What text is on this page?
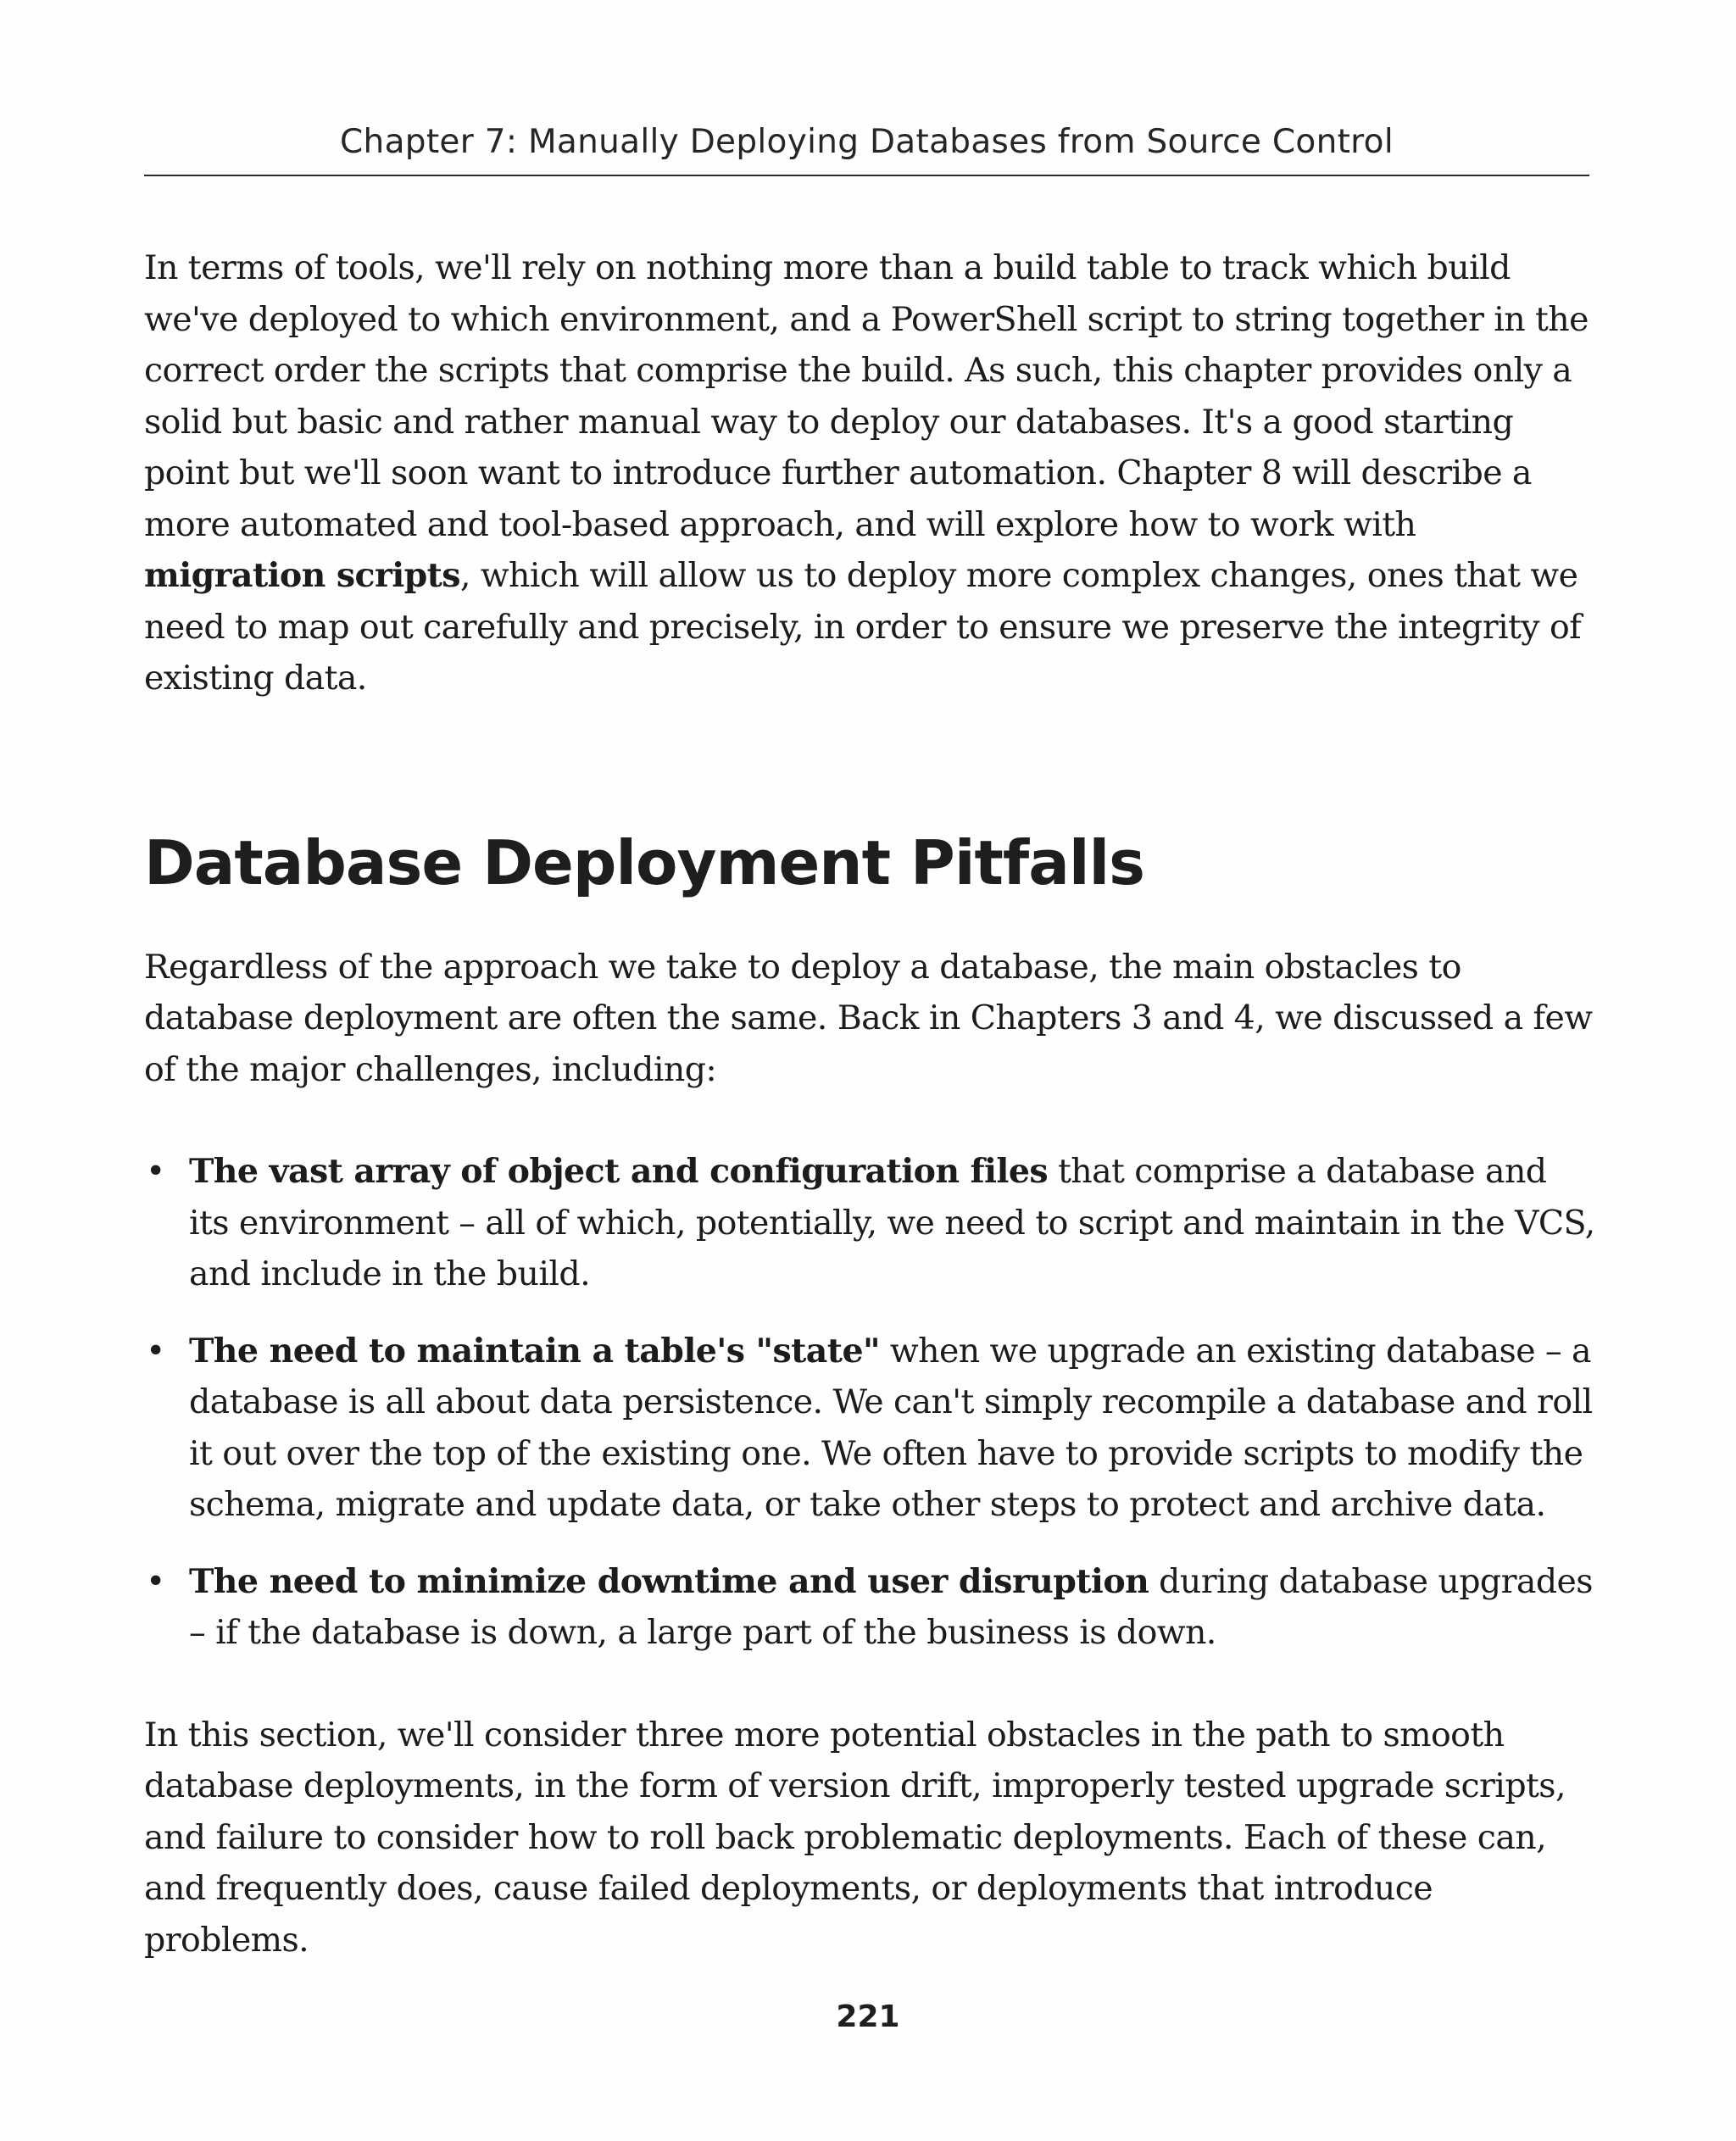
Chapter 7: Manually Deploying Databases from Source Control

In terms of tools, we'll rely on nothing more than a build table to track which build we've deployed to which environment, and a PowerShell script to string together in the correct order the scripts that comprise the build. As such, this chapter provides only a solid but basic and rather manual way to deploy our databases. It's a good starting point but we'll soon want to introduce further automation. Chapter 8 will describe a more automated and tool-based approach, and will explore how to work with migration scripts, which will allow us to deploy more complex changes, ones that we need to map out carefully and precisely, in order to ensure we preserve the integrity of existing data.

Database Deployment Pitfalls

Regardless of the approach we take to deploy a database, the main obstacles to database deployment are often the same. Back in Chapters 3 and 4, we discussed a few of the major challenges, including:

• The vast array of object and configuration files that comprise a database and its environment – all of which, potentially, we need to script and maintain in the VCS, and include in the build.
• The need to maintain a table's "state" when we upgrade an existing database – a database is all about data persistence. We can't simply recompile a database and roll it out over the top of the existing one. We often have to provide scripts to modify the schema, migrate and update data, or take other steps to protect and archive data.
• The need to minimize downtime and user disruption during database upgrades – if the database is down, a large part of the business is down.

In this section, we'll consider three more potential obstacles in the path to smooth database deployments, in the form of version drift, improperly tested upgrade scripts, and failure to consider how to roll back problematic deployments. Each of these can, and frequently does, cause failed deployments, or deployments that introduce problems.

221
